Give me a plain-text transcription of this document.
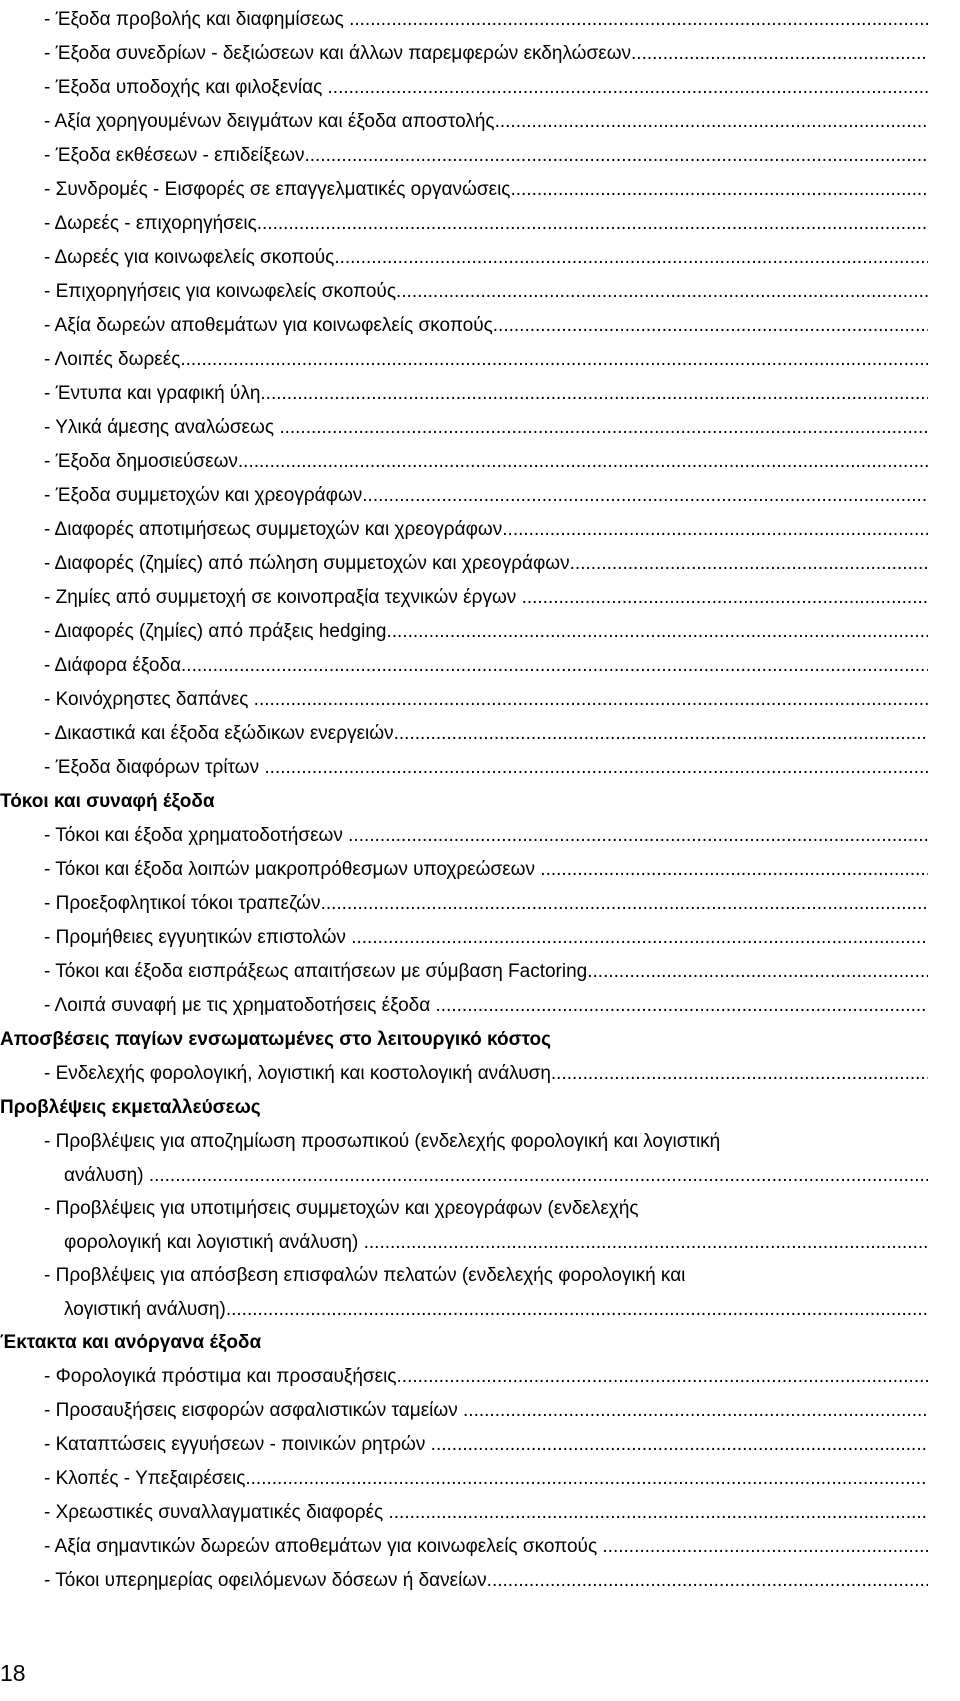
- Έξοδα προβολής και διαφημίσεως .....
- Έξοδα συνεδρίων - δεξιώσεων και άλλων παρεμφερών εκδηλώσεων .....
- Έξοδα υποδοχής και φιλοξενίας .....
- Αξία χορηγουμένων δειγμάτων και έξοδα αποστολής .....
- Έξοδα εκθέσεων - επιδείξεων .....
- Συνδρομές - Εισφορές σε επαγγελματικές οργανώσεις .....
- Δωρεές - επιχορηγήσεις .....
- Δωρεές για κοινωφελείς σκοπούς .....
- Επιχορηγήσεις για κοινωφελείς σκοπούς .....
- Αξία δωρεών αποθεμάτων για κοινωφελείς σκοπούς .....
- Λοιπές δωρεές .....
- Έντυπα και γραφική ύλη .....
- Υλικά άμεσης αναλώσεως .....
- Έξοδα δημοσιεύσεων .....
- Έξοδα συμμετοχών και χρεογράφων .....
- Διαφορές αποτιμήσεως συμμετοχών και χρεογράφων .....
- Διαφορές (ζημίες) από πώληση συμμετοχών και χρεογράφων .....
- Ζημίες από συμμετοχή σε κοινοπραξία τεχνικών έργων .....
- Διαφορές (ζημίες) από πράξεις hedging .....
- Διάφορα έξοδα .....
- Κοινόχρηστες δαπάνες .....
- Δικαστικά και έξοδα εξώδικων ενεργειών .....
- Έξοδα διαφόρων τρίτων .....
Τόκοι και συναφή έξοδα
- Τόκοι και έξοδα χρηματοδοτήσεων .....
- Τόκοι και έξοδα λοιπών μακροπρόθεσμων υποχρεώσεων .....
- Προεξοφλητικοί τόκοι τραπεζών .....
- Προμήθειες εγγυητικών επιστολών .....
- Τόκοι και έξοδα εισπράξεως απαιτήσεων με σύμβαση Factoring .....
- Λοιπά συναφή με τις χρηματοδοτήσεις έξοδα .....
Αποσβέσεις παγίων ενσωματωμένες στο λειτουργικό κόστος
- Ενδελεχής φορολογική, λογιστική και κοστολογική ανάλυση .....
Προβλέψεις εκμεταλλεύσεως
- Προβλέψεις για αποζημίωση προσωπικού (ενδελεχής φορολογική και λογιστική
ανάλυση) .....
- Προβλέψεις για υποτιμήσεις συμμετοχών και χρεογράφων (ενδελεχής
φορολογική και λογιστική ανάλυση) .....
- Προβλέψεις για απόσβεση επισφαλών πελατών (ενδελεχής φορολογική και
λογιστική ανάλυση) .....
Έκτακτα και ανόργανα έξοδα
- Φορολογικά πρόστιμα και προσαυξήσεις .....
- Προσαυξήσεις εισφορών ασφαλιστικών ταμείων .....
- Καταπτώσεις εγγυήσεων - ποινικών ρητρών .....
- Κλοπές - Υπεξαιρέσεις .....
- Χρεωστικές συναλλαγματικές διαφορές .....
- Αξία σημαντικών δωρεών αποθεμάτων για κοινωφελείς σκοπούς .....
- Τόκοι υπερημερίας οφειλόμενων δόσεων ή δανείων .....
18
